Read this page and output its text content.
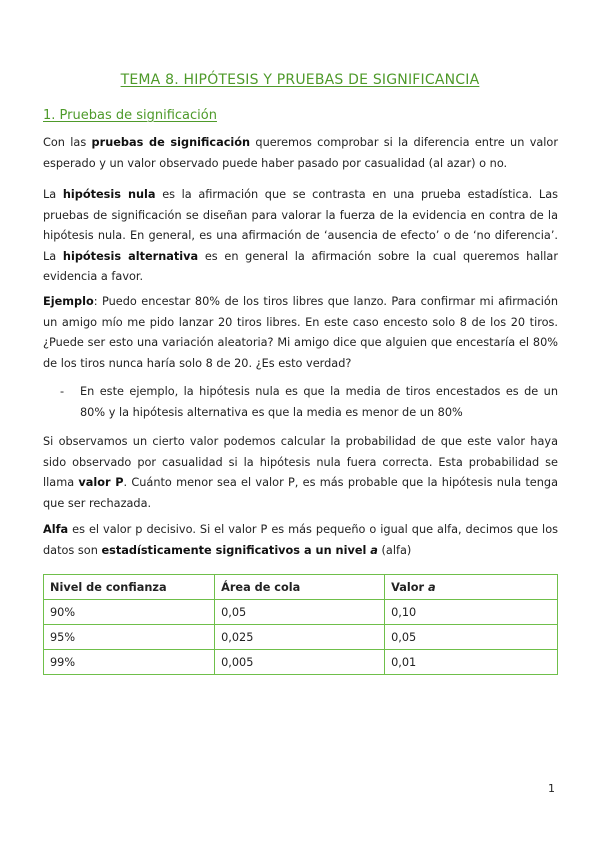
TEMA 8. HIPÓTESIS Y PRUEBAS DE SIGNIFICANCIA
1. Pruebas de significación
Con las pruebas de significación queremos comprobar si la diferencia entre un valor esperado y un valor observado puede haber pasado por casualidad (al azar) o no.
La hipótesis nula es la afirmación que se contrasta en una prueba estadística. Las pruebas de significación se diseñan para valorar la fuerza de la evidencia en contra de la hipótesis nula. En general, es una afirmación de ‘ausencia de efecto’ o de ‘no diferencia’. La hipótesis alternativa es en general la afirmación sobre la cual queremos hallar evidencia a favor.
Ejemplo: Puedo encestar 80% de los tiros libres que lanzo. Para confirmar mi afirmación un amigo mío me pido lanzar 20 tiros libres. En este caso encesto solo 8 de los 20 tiros. ¿Puede ser esto una variación aleatoria? Mi amigo dice que alguien que encestaría el 80% de los tiros nunca haría solo 8 de 20. ¿Es esto verdad?
- En este ejemplo, la hipótesis nula es que la media de tiros encestados es de un 80% y la hipótesis alternativa es que la media es menor de un 80%
Si observamos un cierto valor podemos calcular la probabilidad de que este valor haya sido observado por casualidad si la hipótesis nula fuera correcta. Esta probabilidad se llama valor P. Cuánto menor sea el valor P, es más probable que la hipótesis nula tenga que ser rechazada.
Alfa es el valor p decisivo. Si el valor P es más pequeño o igual que alfa, decimos que los datos son estadísticamente significativos a un nivel a (alfa)
Nivel de confianza	Área de cola	Valor a
90%	0,05	0,10
95%	0,025	0,05
99%	0,005	0,01
1
